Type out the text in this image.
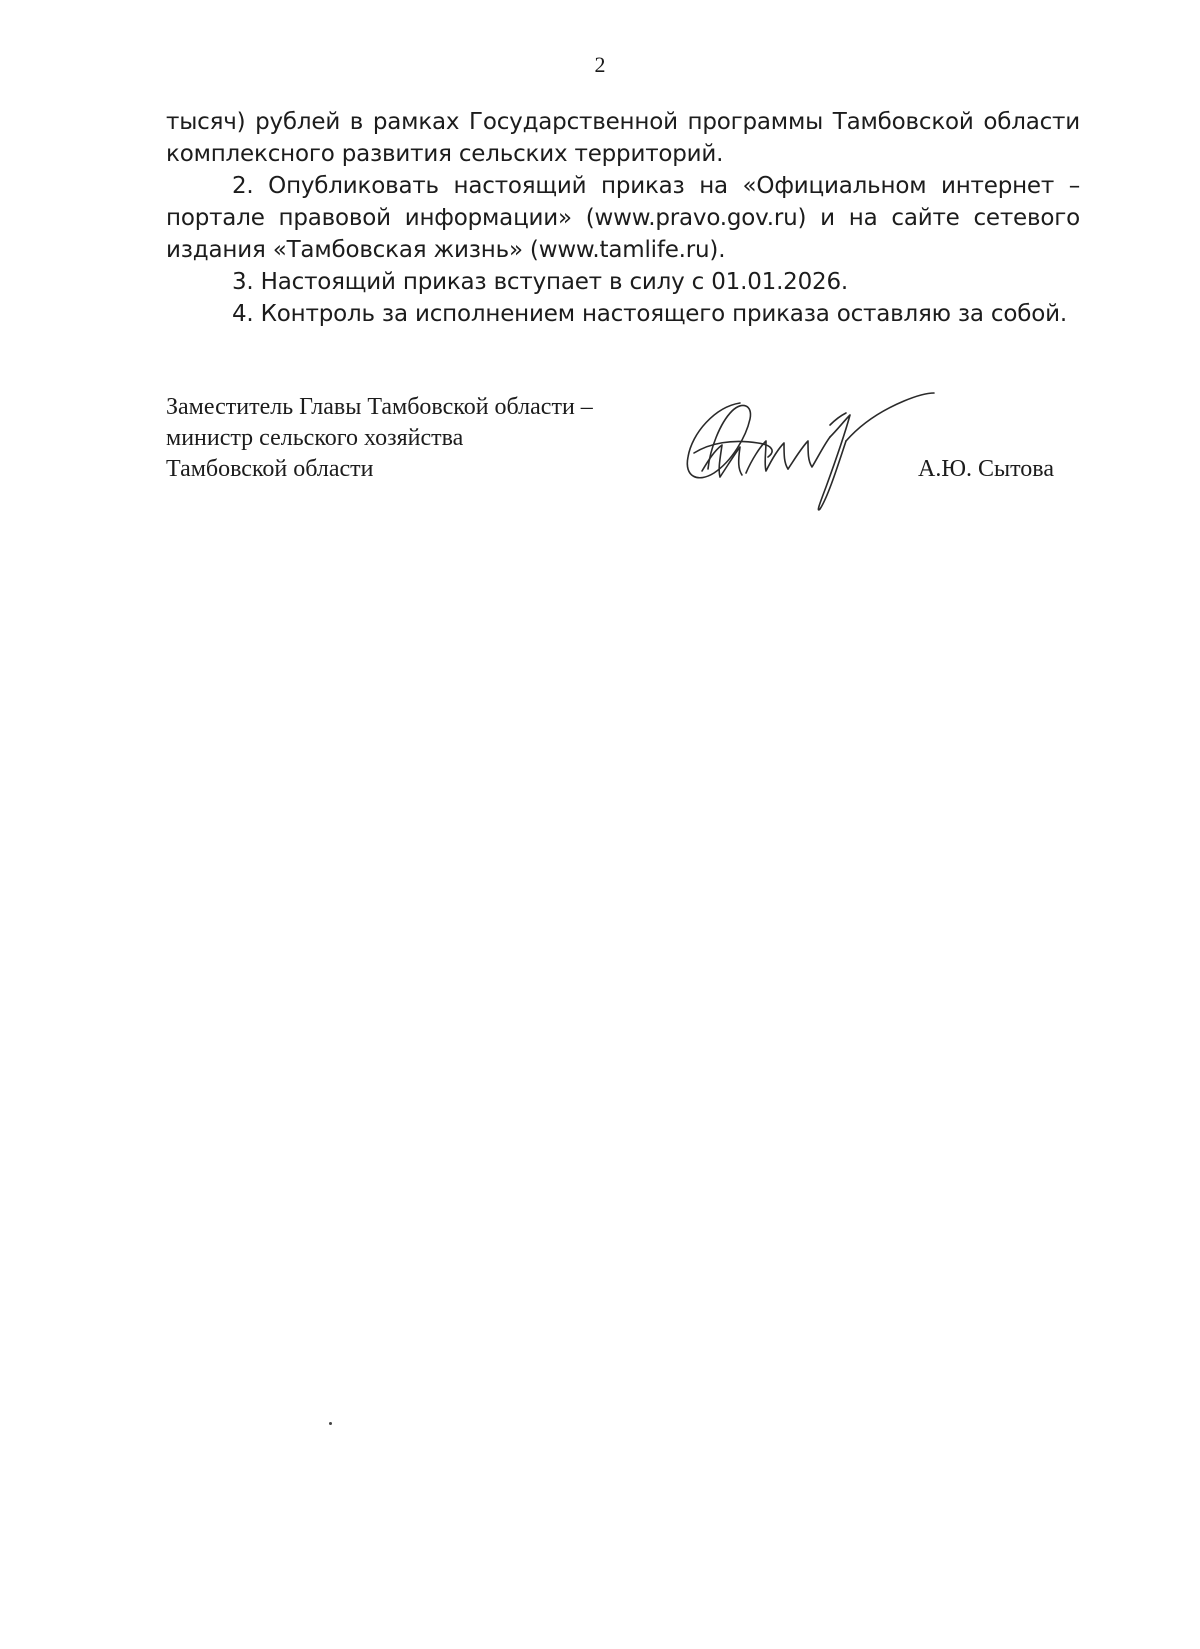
2

тысяч) рублей в рамках Государственной программы Тамбовской области комплексного развития сельских территорий.

2. Опубликовать настоящий приказ на «Официальном интернет – портале правовой информации» (www.pravo.gov.ru) и на сайте сетевого издания «Тамбовская жизнь» (www.tamlife.ru).

3. Настоящий приказ вступает в силу с 01.01.2026.

4. Контроль за исполнением настоящего приказа оставляю за собой.

Заместитель Главы Тамбовской области –
министр сельского хозяйства
Тамбовской области	А.Ю. Сытова
